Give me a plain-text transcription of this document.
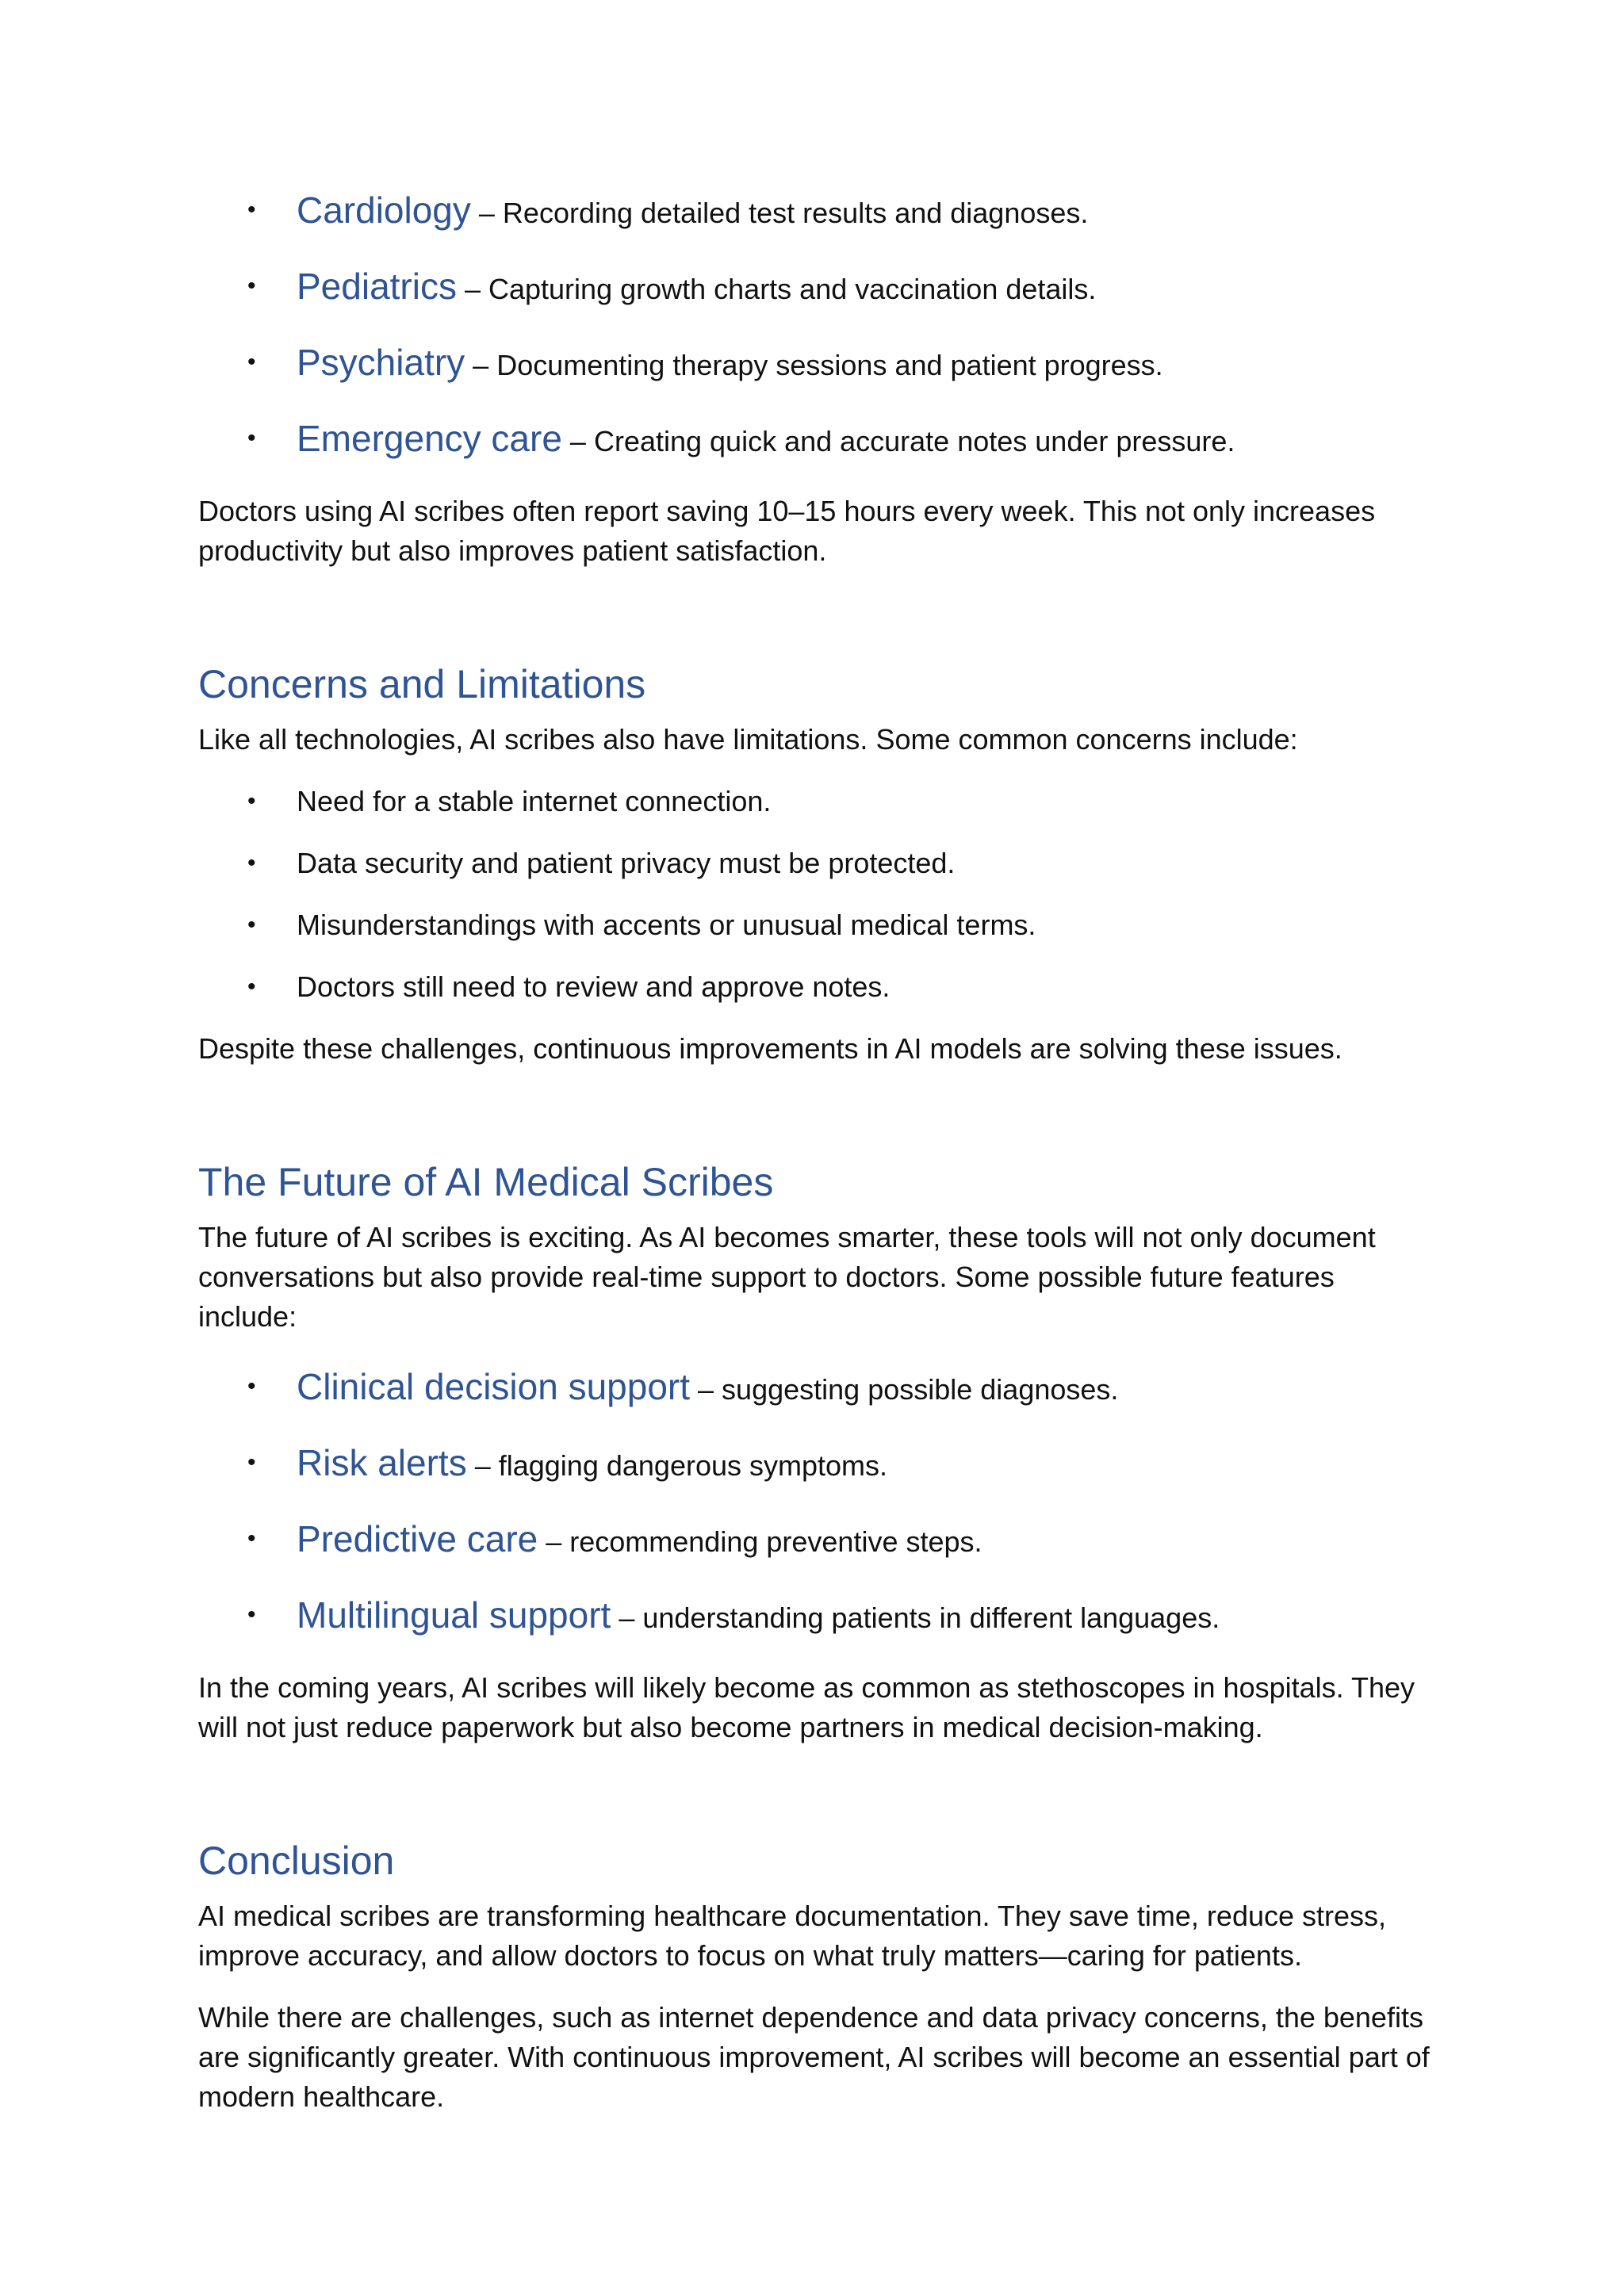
• Cardiology – Recording detailed test results and diagnoses.
• Pediatrics – Capturing growth charts and vaccination details.
• Psychiatry – Documenting therapy sessions and patient progress.
• Emergency care – Creating quick and accurate notes under pressure.

Doctors using AI scribes often report saving 10–15 hours every week. This not only increases productivity but also improves patient satisfaction.

Concerns and Limitations

Like all technologies, AI scribes also have limitations. Some common concerns include:

• Need for a stable internet connection.
• Data security and patient privacy must be protected.
• Misunderstandings with accents or unusual medical terms.
• Doctors still need to review and approve notes.

Despite these challenges, continuous improvements in AI models are solving these issues.

The Future of AI Medical Scribes

The future of AI scribes is exciting. As AI becomes smarter, these tools will not only document conversations but also provide real-time support to doctors. Some possible future features include:

• Clinical decision support – suggesting possible diagnoses.
• Risk alerts – flagging dangerous symptoms.
• Predictive care – recommending preventive steps.
• Multilingual support – understanding patients in different languages.

In the coming years, AI scribes will likely become as common as stethoscopes in hospitals. They will not just reduce paperwork but also become partners in medical decision-making.

Conclusion

AI medical scribes are transforming healthcare documentation. They save time, reduce stress, improve accuracy, and allow doctors to focus on what truly matters—caring for patients.

While there are challenges, such as internet dependence and data privacy concerns, the benefits are significantly greater. With continuous improvement, AI scribes will become an essential part of modern healthcare.
